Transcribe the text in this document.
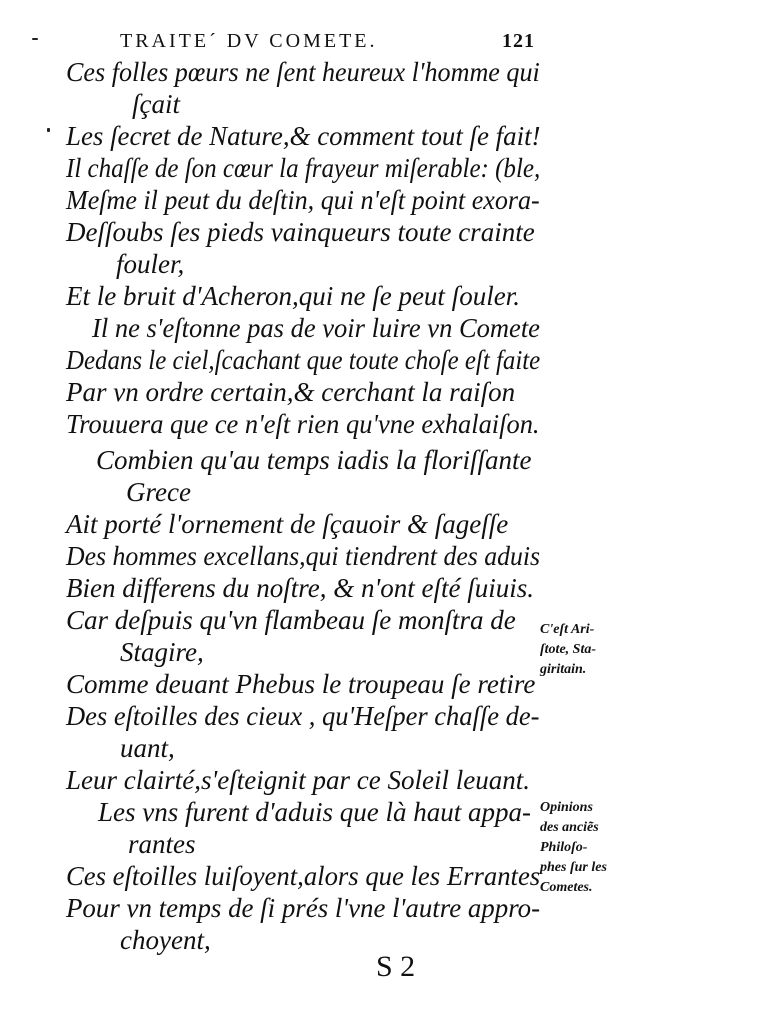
TRAITE´ DV COMETE.	121
Ces folles pœurs ne ſent heureux l'homme qui
ſçait
Les ſecret de Nature,& comment tout ſe fait!
Il chaſſe de ſon cœur la frayeur miſerable: (ble,
Meſme il peut du deſtin, qui n'eſt point exora-
Deſſoubs ſes pieds vainqueurs toute crainte
fouler,
Et le bruit d'Acheron,qui ne ſe peut ſouler.
Il ne s'eſtonne pas de voir luire vn Comete
Dedans le ciel,ſcachant que toute choſe eſt faite
Par vn ordre certain,& cerchant la raiſon
Trouuera que ce n'eſt rien qu'vne exhalaiſon.
Combien qu'au temps iadis la floriſſante
Grece
Ait porté l'ornement de ſçauoir & ſageſſe
Des hommes excellans,qui tiendrent des aduis
Bien differens du noſtre, & n'ont eſté ſuiuis.
Car deſpuis qu'vn flambeau ſe monſtra de
Stagire,
Comme deuant Phebus le troupeau ſe retire
Des eſtoilles des cieux , qu'Heſper chaſſe de-
uant,
Leur clairté,s'eſteignit par ce Soleil leuant.
Les vns furent d'aduis que là haut appa-
rantes
Ces eſtoilles luiſoyent,alors que les Errantes
Pour vn temps de ſi prés l'vne l'autre appro-
choyent,
C'eſt Ari-
ſtote, Sta-
giritain.
Opinions
des anciẽs
Philoſo-
phes ſur les
Cometes.
S 2
